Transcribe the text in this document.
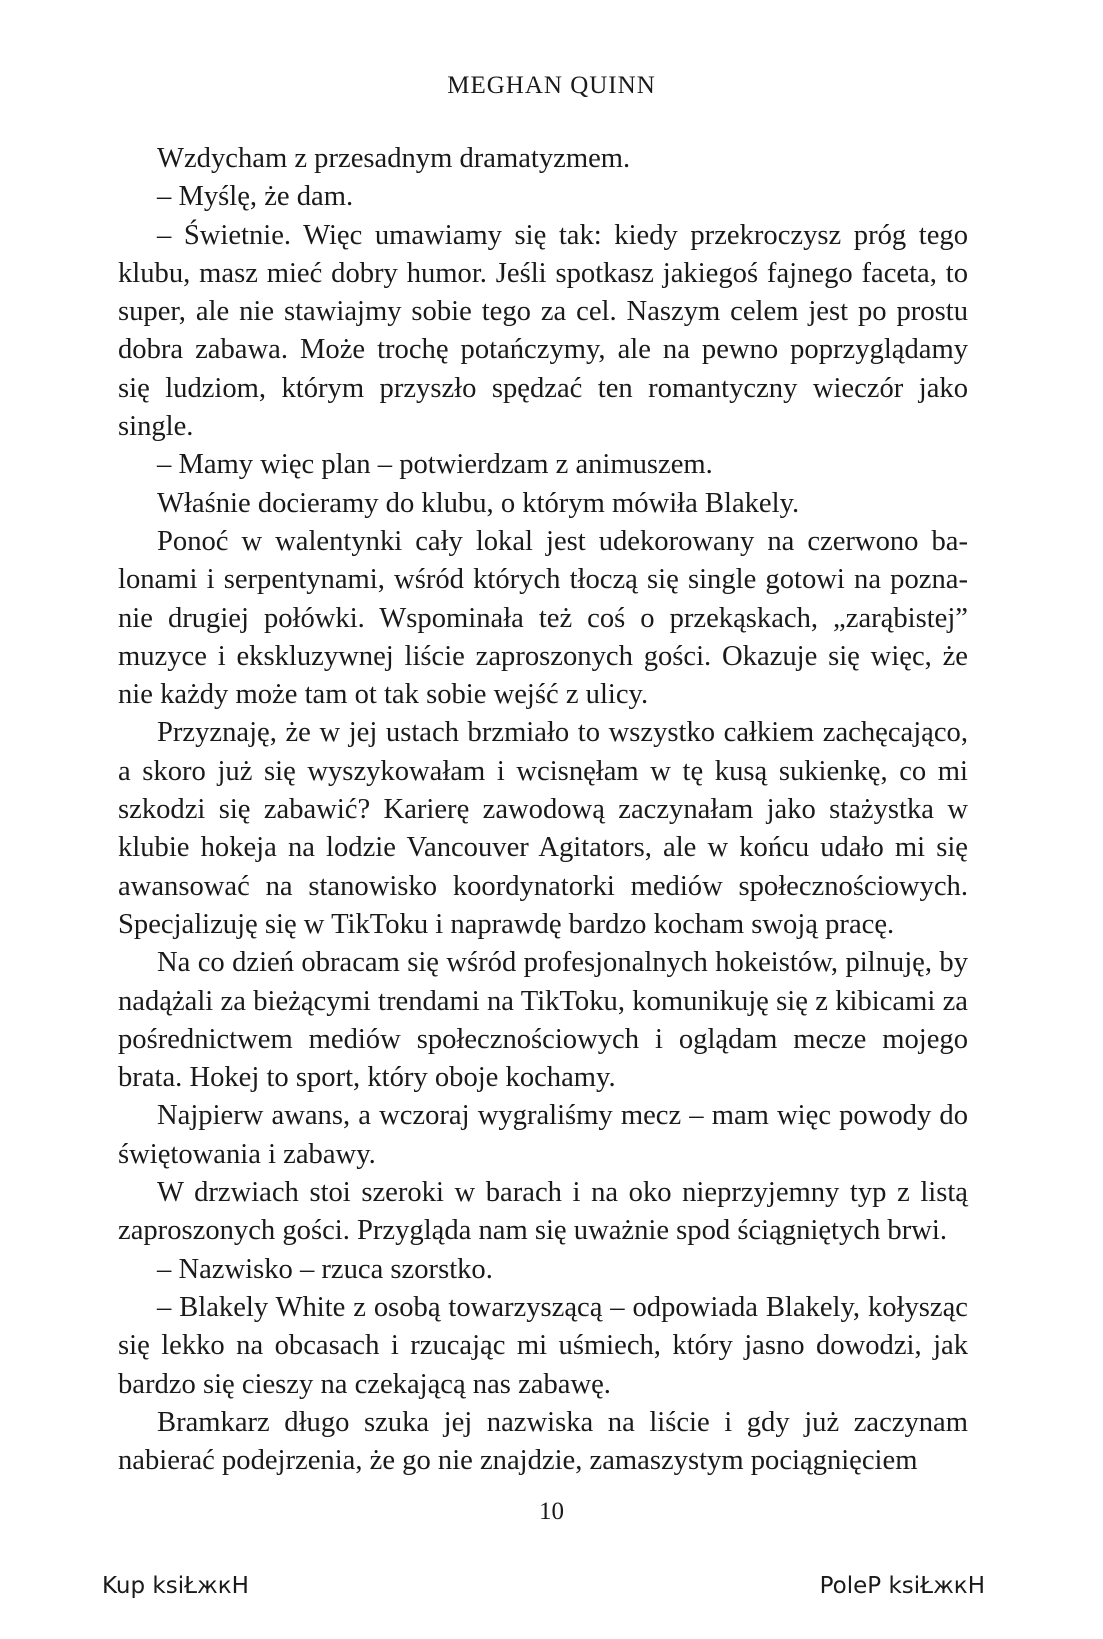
MEGHAN QUINN

Wzdycham z przesadnym dramatyzmem.

– Myślę, że dam.

– Świetnie. Więc umawiamy się tak: kiedy przekroczysz próg tego klubu, masz mieć dobry humor. Jeśli spotkasz jakiegoś fajnego faceta, to super, ale nie stawiajmy sobie tego za cel. Naszym celem jest po prostu dobra zabawa. Może trochę potańczymy, ale na pewno poprzyglądamy się ludziom, którym przyszło spędzać ten romantyczny wieczór jako single.

– Mamy więc plan – potwierdzam z animuszem.

Właśnie docieramy do klubu, o którym mówiła Blakely.

Ponoć w walentynki cały lokal jest udekorowany na czerwono balonami i serpentynami, wśród których tłoczą się single gotowi na poznanie drugiej połówki. Wspominała też coś o przekąskach, „zarąbistej” muzyce i ekskluzywnej liście zaproszonych gości. Okazuje się więc, że nie każdy może tam ot tak sobie wejść z ulicy.

Przyznaję, że w jej ustach brzmiało to wszystko całkiem zachęcająco, a skoro już się wyszykowałam i wcisnęłam w tę kusą sukienkę, co mi szkodzi się zabawić? Karierę zawodową zaczynałam jako stażystka w klubie hokeja na lodzie Vancouver Agitators, ale w końcu udało mi się awansować na stanowisko koordynatorki mediów społecznościowych. Specjalizuję się w TikToku i naprawdę bardzo kocham swoją pracę.

Na co dzień obracam się wśród profesjonalnych hokeistów, pilnuję, by nadążali za bieżącymi trendami na TikToku, komunikuję się z kibicami za pośrednictwem mediów społecznościowych i oglądam mecze mojego brata. Hokej to sport, który oboje kochamy.

Najpierw awans, a wczoraj wygraliśmy mecz – mam więc powody do świętowania i zabawy.

W drzwiach stoi szeroki w barach i na oko nieprzyjemny typ z listą zaproszonych gości. Przygląda nam się uważnie spod ściągniętych brwi.

– Nazwisko – rzuca szorstko.

– Blakely White z osobą towarzyszącą – odpowiada Blakely, kołysząc się lekko na obcasach i rzucając mi uśmiech, który jasno dowodzi, jak bardzo się cieszy na czekającą nas zabawę.

Bramkarz długo szuka jej nazwiska na liście i gdy już zaczynam nabierać podejrzenia, że go nie znajdzie, zamaszystym pociągnięciem

10
Kup ksiŁжкH	PoleP ksiŁжкH
